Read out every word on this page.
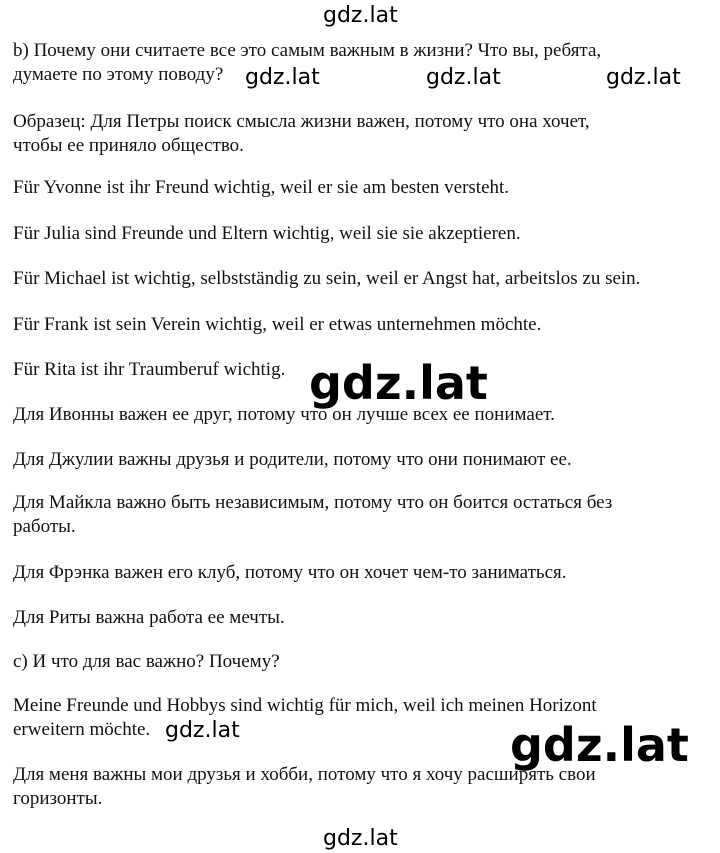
gdz.lat
gdz.lat	gdz.lat	gdz.lat

b) Почему они считаете все это самым важным в жизни? Что вы, ребята,
думаете по этому поводу?

Образец: Для Петры поиск смысла жизни важен, потому что она хочет,
чтобы ее приняло общество.

Für Yvonne ist ihr Freund wichtig, weil er sie am besten versteht.

Für Julia sind Freunde und Eltern wichtig, weil sie sie akzeptieren.

Für Michael ist wichtig, selbstständig zu sein, weil er Angst hat, arbeitslos zu sein.

Für Frank ist sein Verein wichtig, weil er etwas unternehmen möchte.

Für Rita ist ihr Traumberuf wichtig. gdz.lat

Для Ивонны важен ее друг, потому что он лучше всех ее понимает.

Для Джулии важны друзья и родители, потому что они понимают ее.

Для Майкла важно быть независимым, потому что он боится остаться без
работы.

Для Фрэнка важен его клуб, потому что он хочет чем-то заниматься.

Для Риты важна работа ее мечты.

c) И что для вас важно? Почему?

Meine Freunde und Hobbys sind wichtig für mich, weil ich meinen Horizont
erweitern möchte. gdz.lat	gdz.lat

Для меня важны мои друзья и хобби, потому что я хочу расширять свои
горизонты.

gdz.lat
